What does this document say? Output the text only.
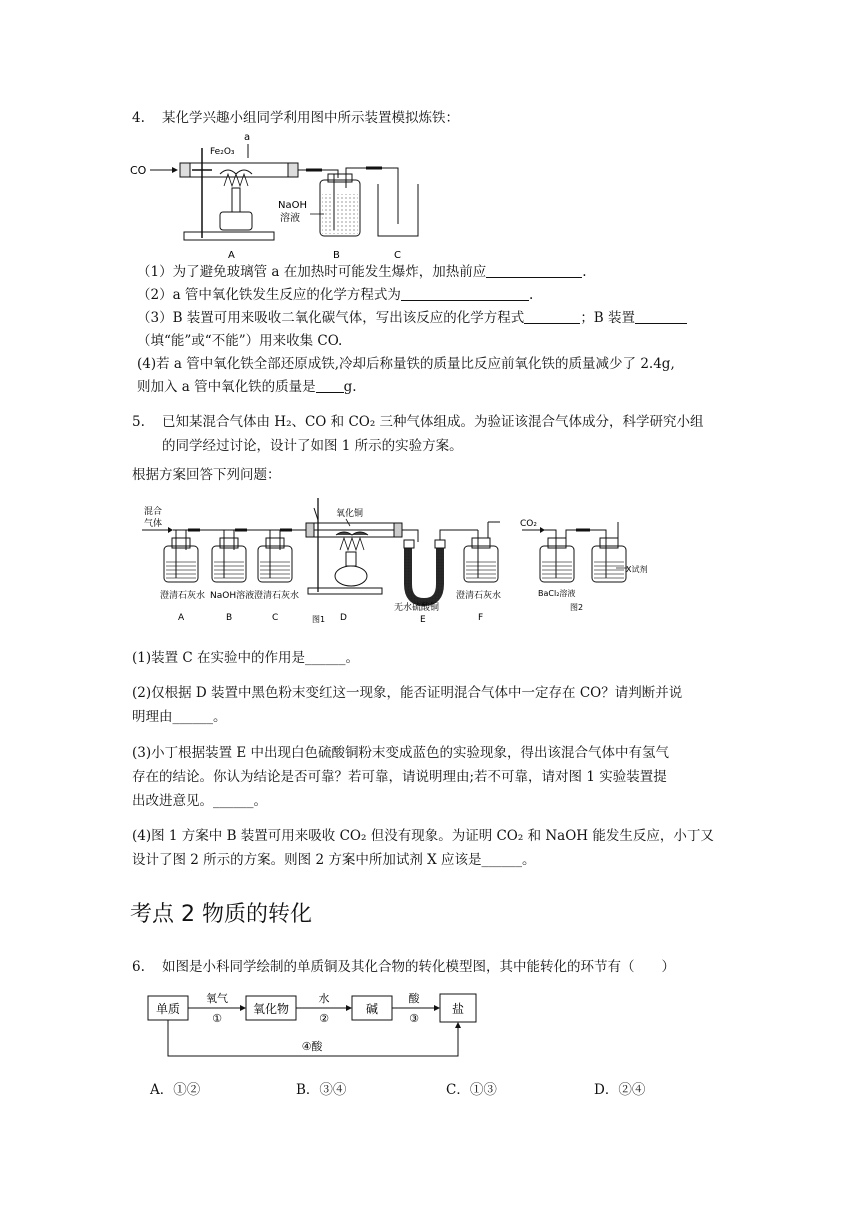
4. 某化学兴趣小组同学利用图中所示装置模拟炼铁：
CO
a
Fe₂O₃
NaOH
溶液
A	B	C
（1）为了避免玻璃管 a 在加热时可能发生爆炸，加热前应	.
（2）a 管中氧化铁发生反应的化学方程式为	.
（3）B 装置可用来吸收二氧化碳气体，写出该反应的化学方程式	；B 装置
（填“能”或“不能”）用来收集 CO.
(4)若 a 管中氧化铁全部还原成铁,冷却后称量铁的质量比反应前氧化铁的质量减少了 2.4g,
则加入 a 管中氧化铁的质量是 g.
5. 已知某混合气体由 H₂、CO 和 CO₂ 三种气体组成。为验证该混合气体成分，科学研究小组
的同学经过讨论，设计了如图 1 所示的实验方案。
根据方案回答下列问题：
混合
气体
氧化铜
澄清石灰水 NaOH溶液 澄清石灰水
无水硫酸铜
澄清石灰水
A	B	C	图1 D	E	F
CO₂
X试剂
BaCl₂溶液
图2
(1)装置 C 在实验中的作用是______。
(2)仅根据 D 装置中黑色粉末变红这一现象，能否证明混合气体中一定存在 CO？请判断并说
明理由______。
(3)小丁根据装置 E 中出现白色硫酸铜粉末变成蓝色的实验现象，得出该混合气体中有氢气
存在的结论。你认为结论是否可靠？若可靠，请说明理由;若不可靠，请对图 1 实验装置提
出改进意见。______。
(4)图 1 方案中 B 装置可用来吸收 CO₂ 但没有现象。为证明 CO₂ 和 NaOH 能发生反应，小丁又
设计了图 2 所示的方案。则图 2 方案中所加试剂 X 应该是______。
考点 2 物质的转化
6. 如图是小科同学绘制的单质铜及其化合物的转化模型图，其中能转化的环节有（　　）
单质	氧化物	碱	盐
氧气
①
水
②
酸
③
④酸
A．①②	B．③④	C．①③	D．②④
